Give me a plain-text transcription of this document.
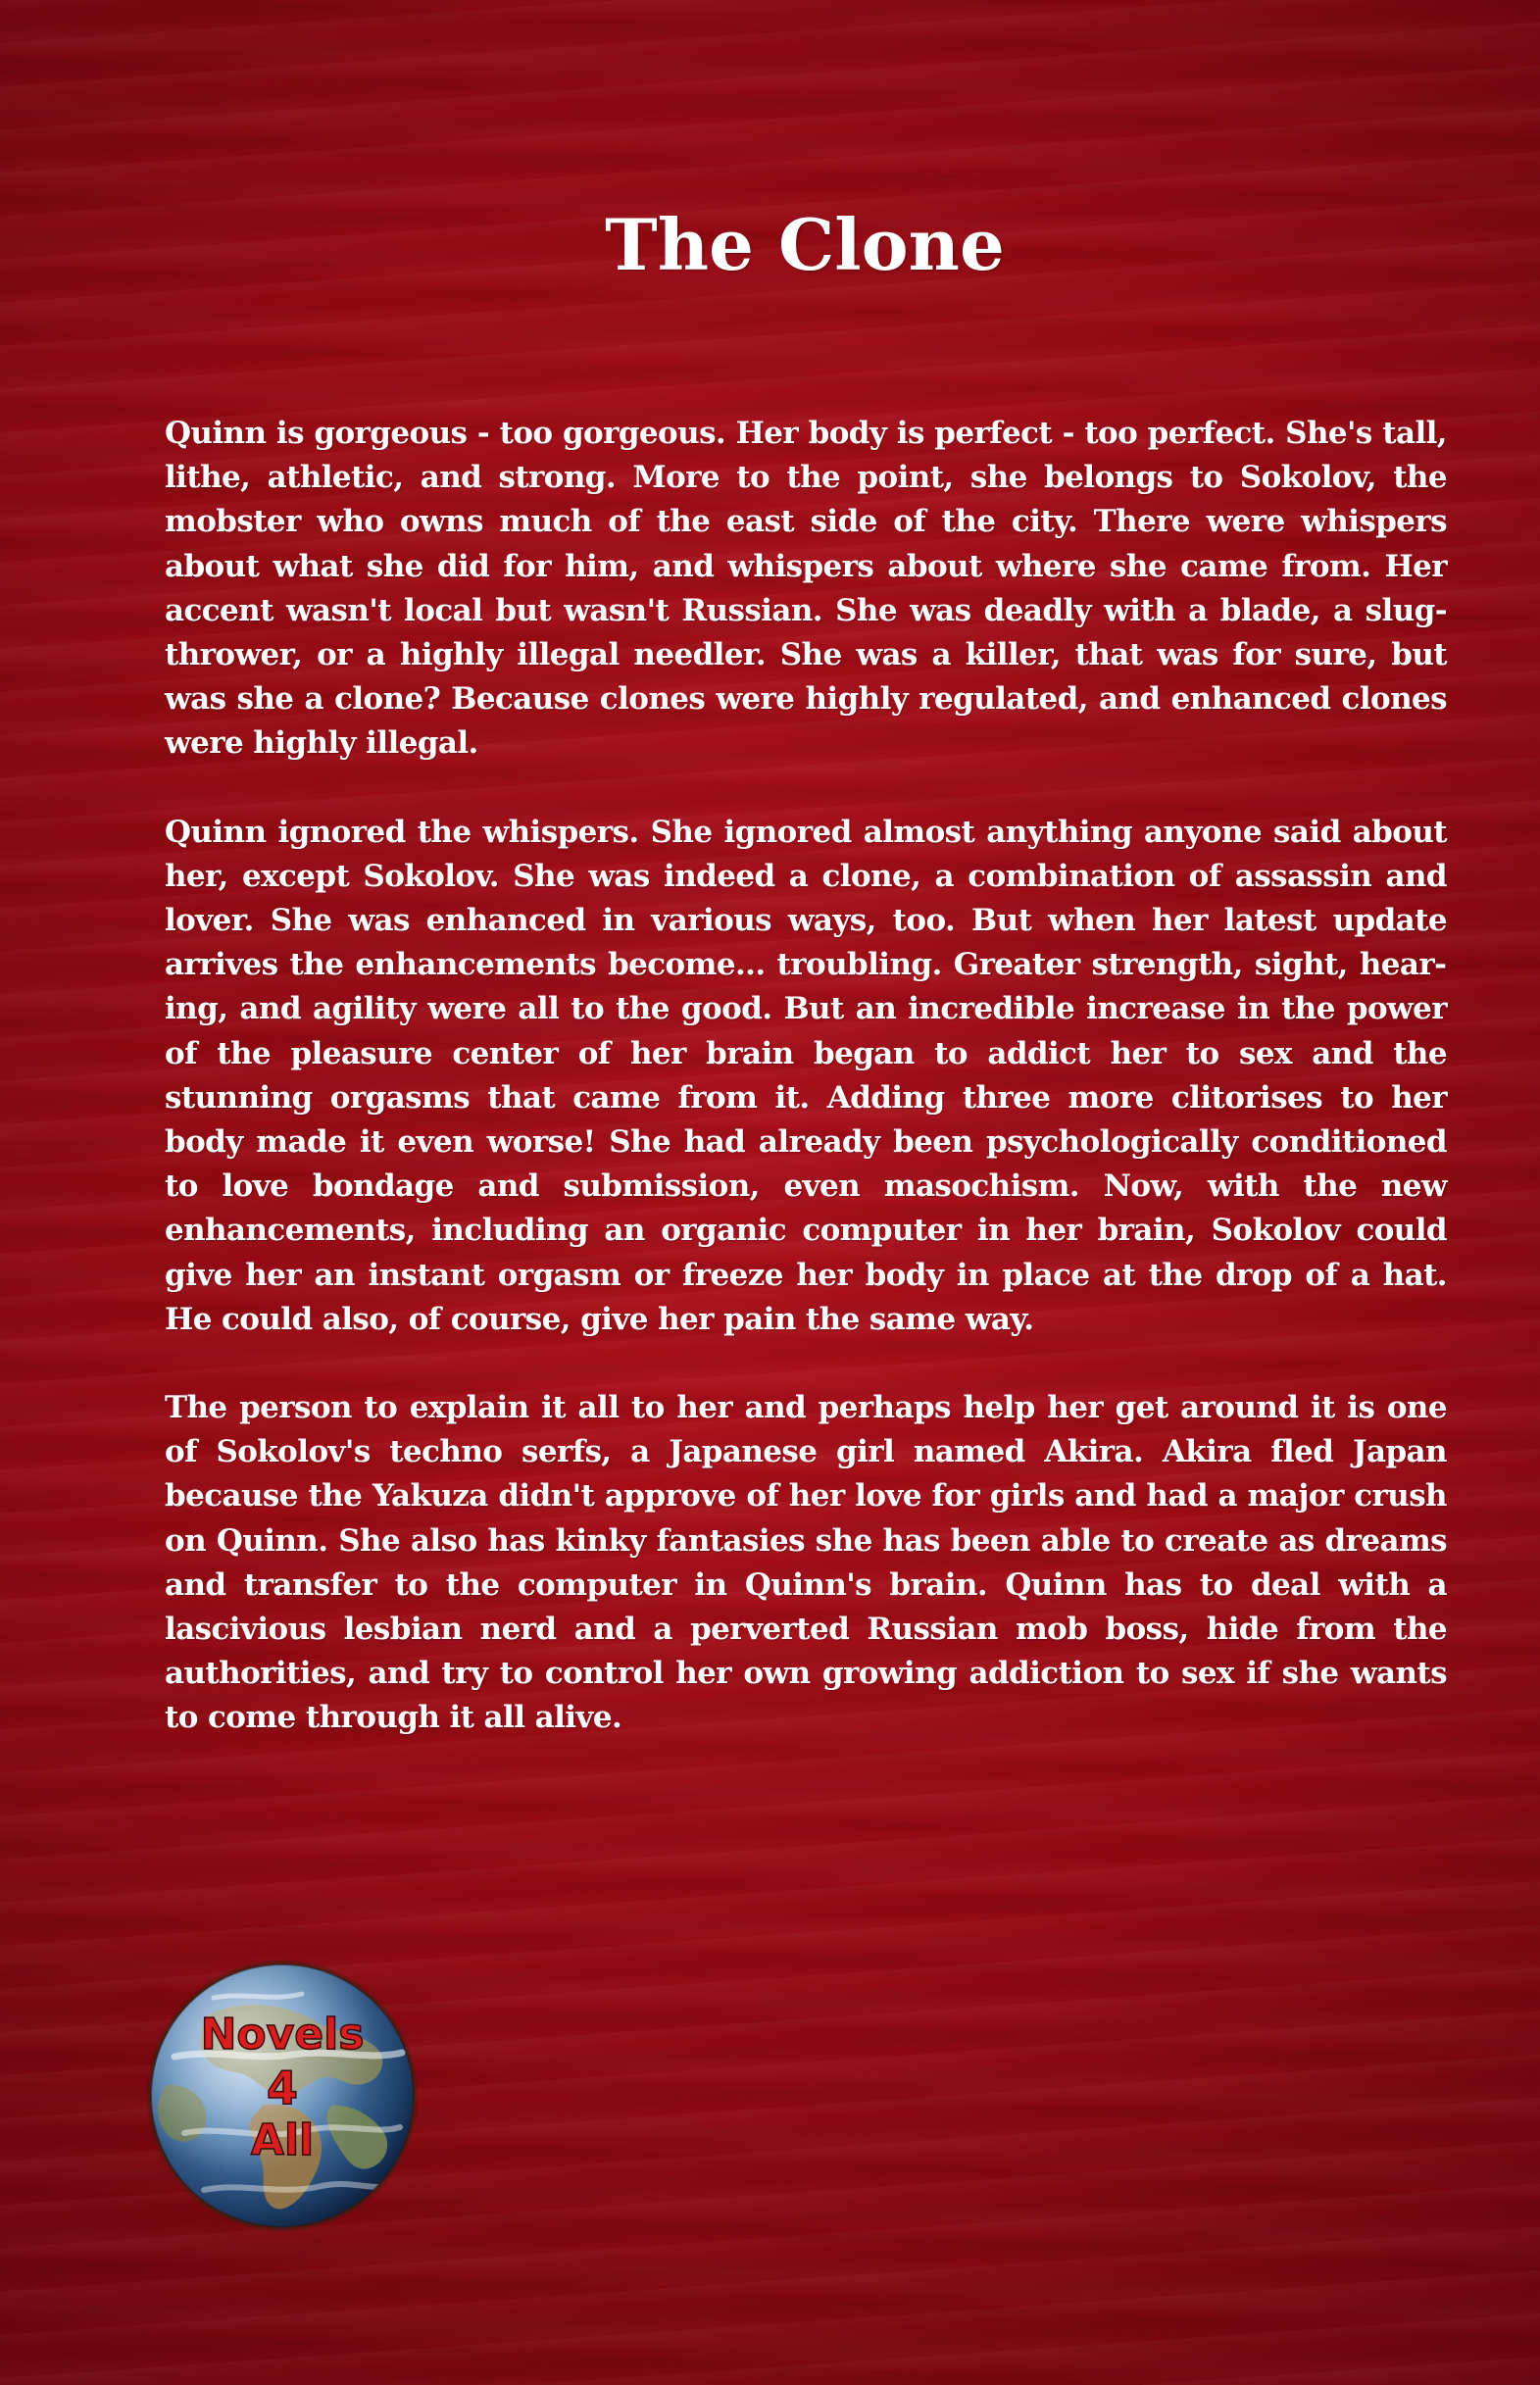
The Clone

Quinn is gorgeous - too gorgeous. Her body is perfect - too perfect. She's tall, lithe, athletic, and strong. More to the point, she belongs to Sokolov, the mobster who owns much of the east side of the city. There were whispers about what she did for him, and whispers about where she came from. Her accent wasn't local but wasn't Russian. She was deadly with a blade, a slug-thrower, or a highly illegal needler. She was a killer, that was for sure, but was she a clone? Because clones were highly regulated, and enhanced clones were highly illegal.

Quinn ignored the whispers. She ignored almost anything anyone said about her, except Sokolov. She was indeed a clone, a combination of assassin and lover. She was enhanced in various ways, too. But when her latest update arrives the enhancements become... troubling. Greater strength, sight, hearing, and agility were all to the good. But an incredible increase in the power of the pleasure center of her brain began to addict her to sex and the stunning orgasms that came from it. Adding three more clitorises to her body made it even worse! She had already been psychologically conditioned to love bondage and submission, even masochism. Now, with the new enhancements, including an organic computer in her brain, Sokolov could give her an instant orgasm or freeze her body in place at the drop of a hat. He could also, of course, give her pain the same way.

The person to explain it all to her and perhaps help her get around it is one of Sokolov's techno serfs, a Japanese girl named Akira. Akira fled Japan because the Yakuza didn't approve of her love for girls and had a major crush on Quinn. She also has kinky fantasies she has been able to create as dreams and transfer to the computer in Quinn's brain. Quinn has to deal with a lascivious lesbian nerd and a perverted Russian mob boss, hide from the authorities, and try to control her own growing addiction to sex if she wants to come through it all alive.

Novels
4
All
